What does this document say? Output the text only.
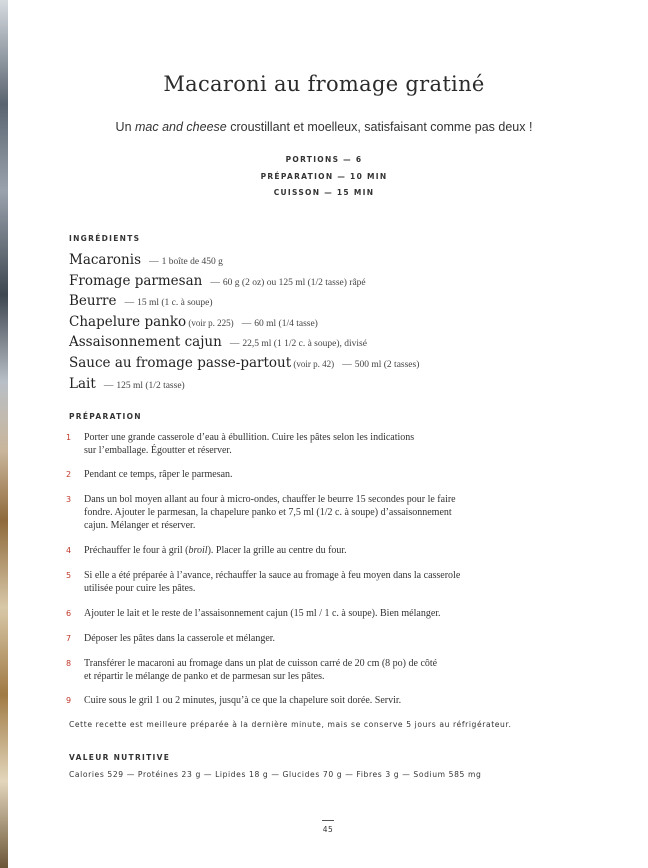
Macaroni au fromage gratiné
Un mac and cheese croustillant et moelleux, satisfaisant comme pas deux !
PORTIONS — 6
PRÉPARATION — 10 MIN
CUISSON — 15 MIN
INGRÉDIENTS
Macaronis — 1 boîte de 450 g
Fromage parmesan — 60 g (2 oz) ou 125 ml (1/2 tasse) râpé
Beurre — 15 ml (1 c. à soupe)
Chapelure panko (voir p. 225) — 60 ml (1/4 tasse)
Assaisonnement cajun — 22,5 ml (1 1/2 c. à soupe), divisé
Sauce au fromage passe-partout (voir p. 42) — 500 ml (2 tasses)
Lait — 125 ml (1/2 tasse)
PRÉPARATION
1 Porter une grande casserole d’eau à ébullition. Cuire les pâtes selon les indications
sur l’emballage. Égoutter et réserver.
2 Pendant ce temps, râper le parmesan.
3 Dans un bol moyen allant au four à micro-ondes, chauffer le beurre 15 secondes pour le faire
fondre. Ajouter le parmesan, la chapelure panko et 7,5 ml (1/2 c. à soupe) d’assaisonnement
cajun. Mélanger et réserver.
4 Préchauffer le four à gril (broil). Placer la grille au centre du four.
5 Si elle a été préparée à l’avance, réchauffer la sauce au fromage à feu moyen dans la casserole
utilisée pour cuire les pâtes.
6 Ajouter le lait et le reste de l’assaisonnement cajun (15 ml / 1 c. à soupe). Bien mélanger.
7 Déposer les pâtes dans la casserole et mélanger.
8 Transférer le macaroni au fromage dans un plat de cuisson carré de 20 cm (8 po) de côté
et répartir le mélange de panko et de parmesan sur les pâtes.
9 Cuire sous le gril 1 ou 2 minutes, jusqu’à ce que la chapelure soit dorée. Servir.
Cette recette est meilleure préparée à la dernière minute, mais se conserve 5 jours au réfrigérateur.
VALEUR NUTRITIVE
Calories 529 — Protéines 23 g — Lipides 18 g — Glucides 70 g — Fibres 3 g — Sodium 585 mg
45
